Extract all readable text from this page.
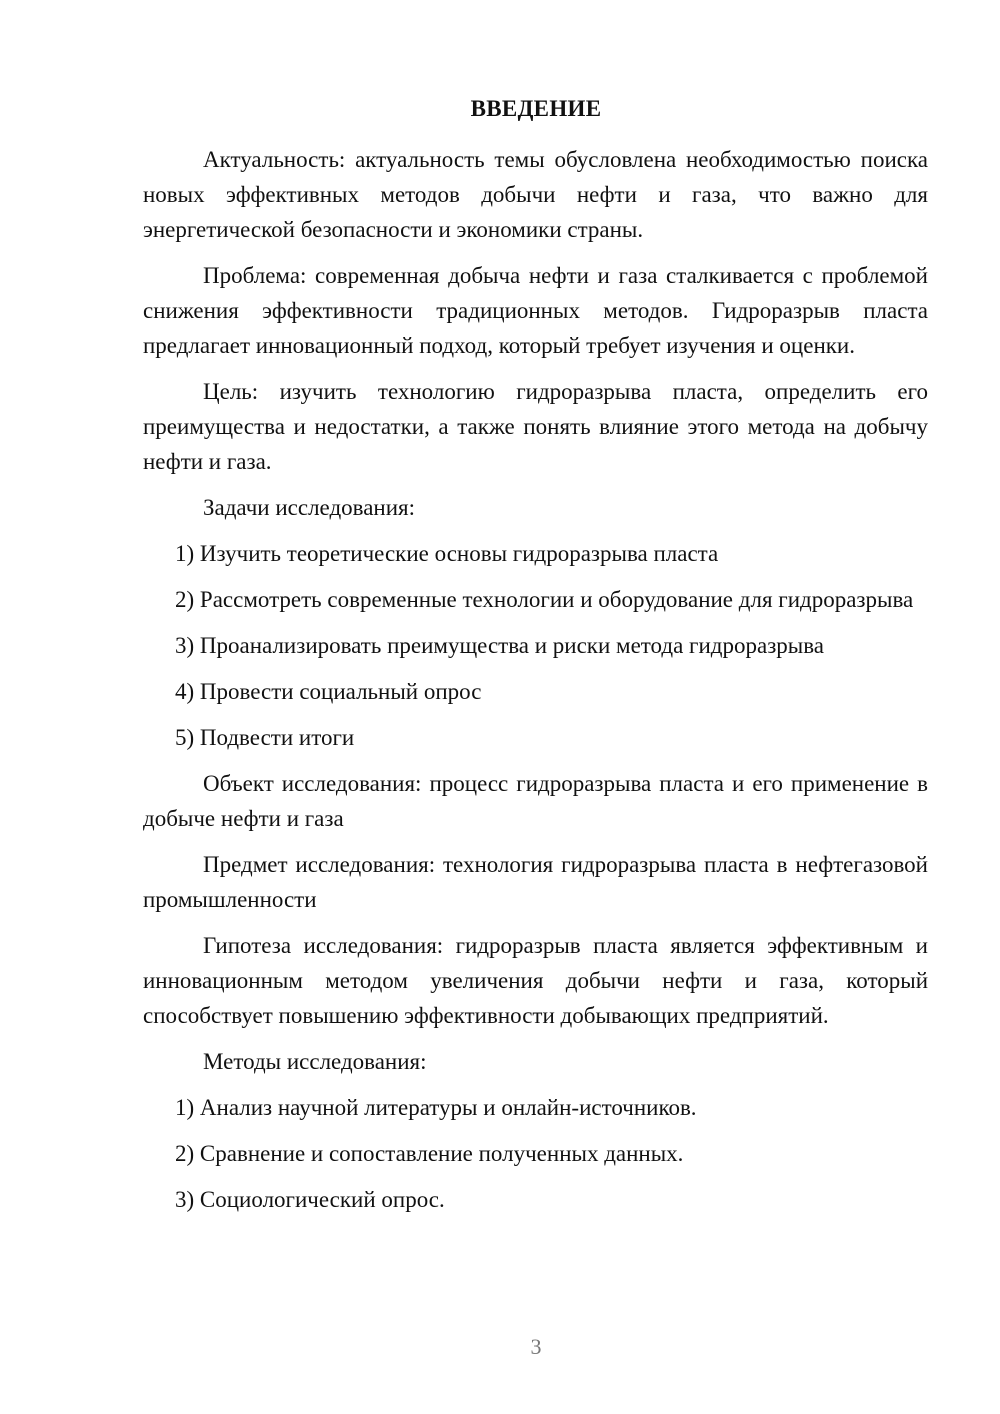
ВВЕДЕНИЕ

Актуальность: актуальность темы обусловлена необходимостью поиска новых эффективных методов добычи нефти и газа, что важно для энергетической безопасности и экономики страны.

Проблема: современная добыча нефти и газа сталкивается с проблемой снижения эффективности традиционных методов. Гидроразрыв пласта предлагает инновационный подход, который требует изучения и оценки.

Цель: изучить технологию гидроразрыва пласта, определить его преимущества и недостатки, а также понять влияние этого метода на добычу нефти и газа.

Задачи исследования:

1) Изучить теоретические основы гидроразрыва пласта

2) Рассмотреть современные технологии и оборудование для гидроразрыва

3) Проанализировать преимущества и риски метода гидроразрыва

4) Провести социальный опрос

5) Подвести итоги

Объект исследования: процесс гидроразрыва пласта и его применение в добыче нефти и газа

Предмет исследования: технология гидроразрыва пласта в нефтегазовой промышленности

Гипотеза исследования: гидроразрыв пласта является эффективным и инновационным методом увеличения добычи нефти и газа, который способствует повышению эффективности добывающих предприятий.

Методы исследования:

1) Анализ научной литературы и онлайн-источников.

2) Сравнение и сопоставление полученных данных.

3) Социологический опрос.

3
